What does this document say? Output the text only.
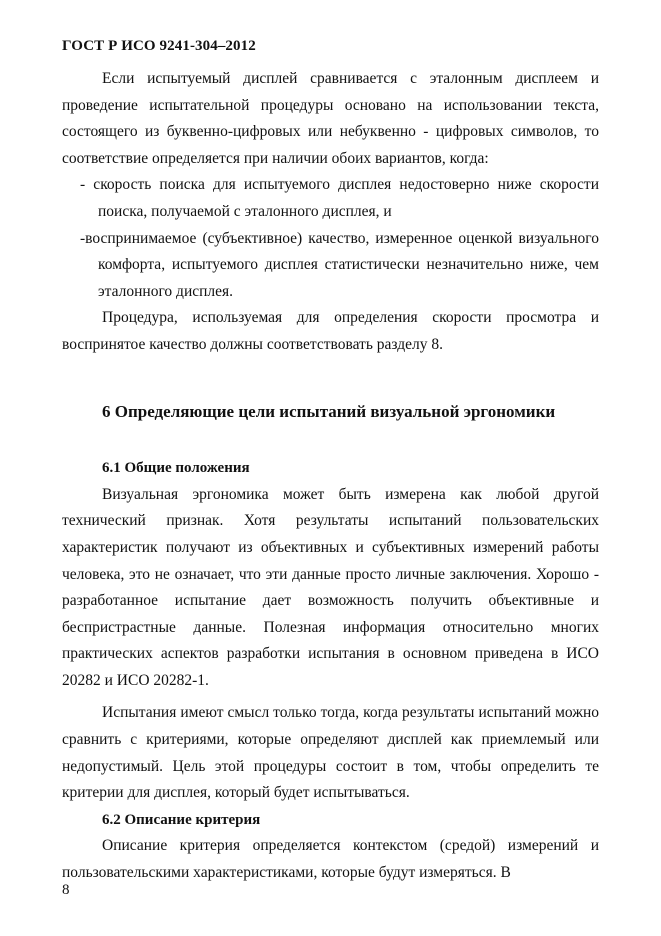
ГОСТ Р ИСО 9241-304–2012

Если испытуемый дисплей сравнивается с эталонным дисплеем и проведение испытательной процедуры основано на использовании текста, состоящего из буквенно-цифровых или небуквенно - цифровых символов, то соответствие определяется при наличии обоих вариантов, когда:

- скорость поиска для испытуемого дисплея недостоверно ниже скорости поиска, получаемой с эталонного дисплея, и

-воспринимаемое (субъективное) качество, измеренное оценкой визуального комфорта, испытуемого дисплея статистически незначительно ниже, чем эталонного дисплея.

Процедура, используемая для определения скорости просмотра и воспринятое качество должны соответствовать разделу 8.

6 Определяющие цели испытаний визуальной эргономики
6.1 Общие положения

Визуальная эргономика может быть измерена как любой другой технический признак. Хотя результаты испытаний пользовательских характеристик получают из объективных и субъективных измерений работы человека, это не означает, что эти данные просто личные заключения. Хорошо - разработанное испытание дает возможность получить объективные и беспристрастные данные. Полезная информация относительно многих практических аспектов разработки испытания в основном приведена в ИСО 20282 и ИСО 20282-1.

Испытания имеют смысл только тогда, когда результаты испытаний можно сравнить с критериями, которые определяют дисплей как приемлемый или недопустимый. Цель этой процедуры состоит в том, чтобы определить те критерии для дисплея, который будет испытываться.

6.2 Описание критерия

Описание критерия определяется контекстом (средой) измерений и пользовательскими характеристиками, которые будут измеряться. В

8
